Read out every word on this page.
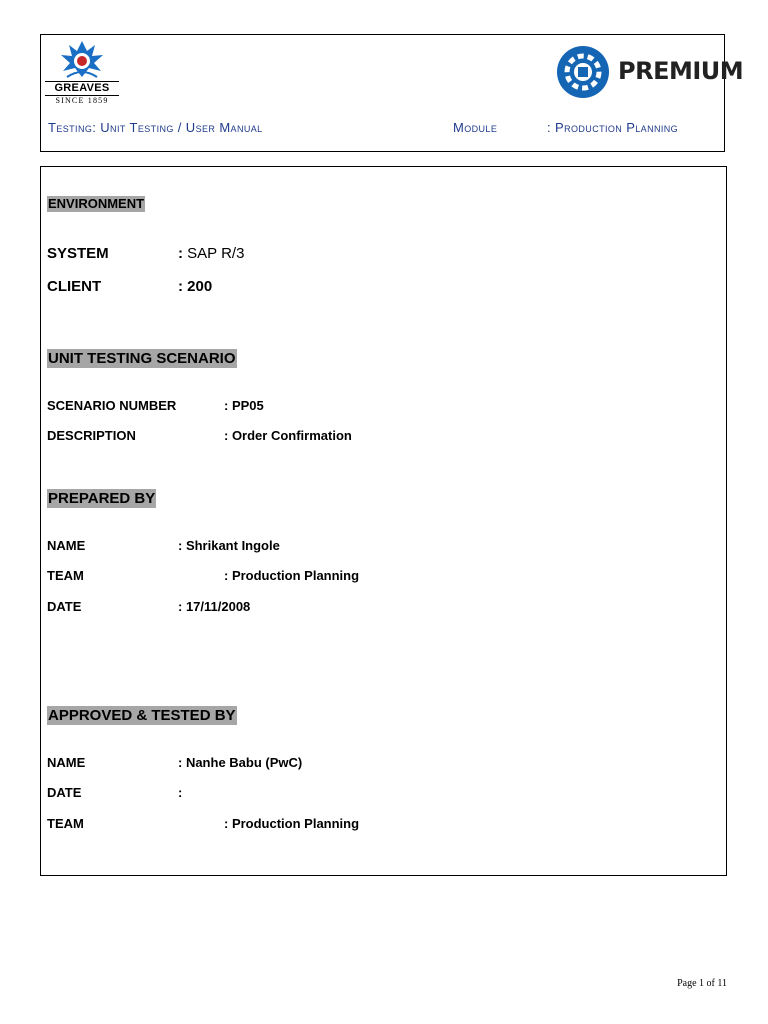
GREAVES
SINCE 1859
PREMIUM
Testing: Unit Testing / User Manual	Module	: Production Planning
ENVIRONMENT
SYSTEM	: SAP R/3
CLIENT	: 200
UNIT TESTING SCENARIO
SCENARIO NUMBER	: PP05
DESCRIPTION	: Order Confirmation
PREPARED BY
NAME	: Shrikant Ingole
TEAM	: Production Planning
DATE	: 17/11/2008
APPROVED & TESTED BY
NAME	: Nanhe Babu (PwC)
DATE	:
TEAM	: Production Planning
Page 1 of 11
